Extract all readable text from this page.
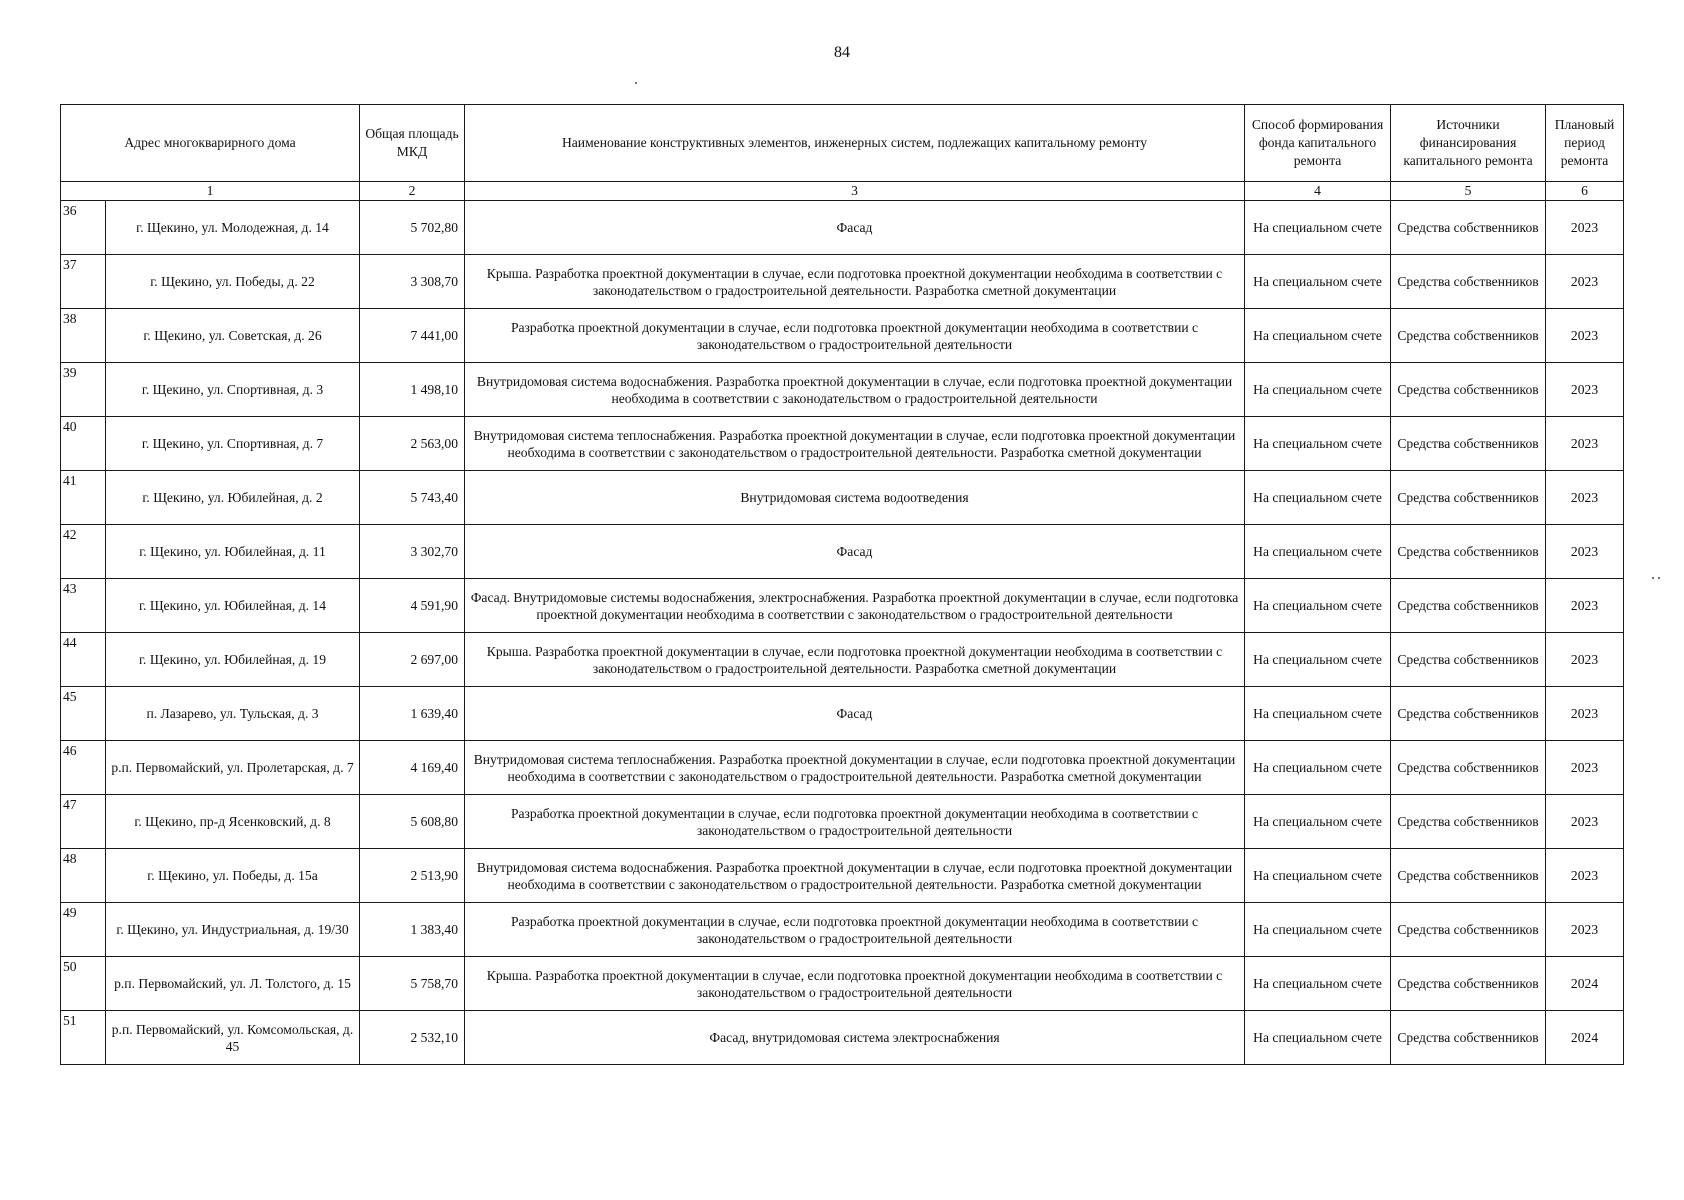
84
Адрес многокварирного дома		Общая площадь МКД	Наименование конструктивных элементов, инженерных систем, подлежащих капитальному ремонту	Способ формирования фонда капитального ремонта	Источники финансирования капитального ремонта	Плановый период ремонта
1		2	3	4	5	6
36	г. Щекино, ул. Молодежная, д. 14	5 702,80	Фасад	На специальном счете	Средства собственников	2023
37	г. Щекино, ул. Победы, д. 22	3 308,70	Крыша. Разработка проектной документации в случае, если подготовка проектной документации необходима в соответствии с законодательством о градостроительной деятельности. Разработка сметной документации	На специальном счете	Средства собственников	2023
38	г. Щекино, ул. Советская, д. 26	7 441,00	Разработка проектной документации в случае, если подготовка проектной документации необходима в соответствии с законодательством о градостроительной деятельности	На специальном счете	Средства собственников	2023
39	г. Щекино, ул. Спортивная, д. 3	1 498,10	Внутридомовая система водоснабжения. Разработка проектной документации в случае, если подготовка проектной документации необходима в соответствии с законодательством о градостроительной деятельности	На специальном счете	Средства собственников	2023
40	г. Щекино, ул. Спортивная, д. 7	2 563,00	Внутридомовая система теплоснабжения. Разработка проектной документации в случае, если подготовка проектной документации необходима в соответствии с законодательством о градостроительной деятельности. Разработка сметной документации	На специальном счете	Средства собственников	2023
41	г. Щекино, ул. Юбилейная, д. 2	5 743,40	Внутридомовая система водоотведения	На специальном счете	Средства собственников	2023
42	г. Щекино, ул. Юбилейная, д. 11	3 302,70	Фасад	На специальном счете	Средства собственников	2023
43	г. Щекино, ул. Юбилейная, д. 14	4 591,90	Фасад. Внутридомовые системы водоснабжения, электроснабжения. Разработка проектной документации в случае, если подготовка проектной документации необходима в соответствии с законодательством о градостроительной деятельности	На специальном счете	Средства собственников	2023
44	г. Щекино, ул. Юбилейная, д. 19	2 697,00	Крыша. Разработка проектной документации в случае, если подготовка проектной документации необходима в соответствии с законодательством о градостроительной деятельности. Разработка сметной документации	На специальном счете	Средства собственников	2023
45	п. Лазарево, ул. Тульская, д. 3	1 639,40	Фасад	На специальном счете	Средства собственников	2023
46	р.п. Первомайский, ул. Пролетарская, д. 7	4 169,40	Внутридомовая система теплоснабжения. Разработка проектной документации в случае, если подготовка проектной документации необходима в соответствии с законодательством о градостроительной деятельности. Разработка сметной документации	На специальном счете	Средства собственников	2023
47	г. Щекино, пр-д Ясенковский, д. 8	5 608,80	Разработка проектной документации в случае, если подготовка проектной документации необходима в соответствии с законодательством о градостроительной деятельности	На специальном счете	Средства собственников	2023
48	г. Щекино, ул. Победы, д. 15а	2 513,90	Внутридомовая система водоснабжения. Разработка проектной документации в случае, если подготовка проектной документации необходима в соответствии с законодательством о градостроительной деятельности. Разработка сметной документации	На специальном счете	Средства собственников	2023
49	г. Щекино, ул. Индустриальная, д. 19/30	1 383,40	Разработка проектной документации в случае, если подготовка проектной документации необходима в соответствии с законодательством о градостроительной деятельности	На специальном счете	Средства собственников	2023
50	р.п. Первомайский, ул. Л. Толстого, д. 15	5 758,70	Крыша. Разработка проектной документации в случае, если подготовка проектной документации необходима в соответствии с законодательством о градостроительной деятельности	На специальном счете	Средства собственников	2024
51	р.п. Первомайский, ул. Комсомольская, д. 45	2 532,10	Фасад, внутридомовая система электроснабжения	На специальном счете	Средства собственников	2024
